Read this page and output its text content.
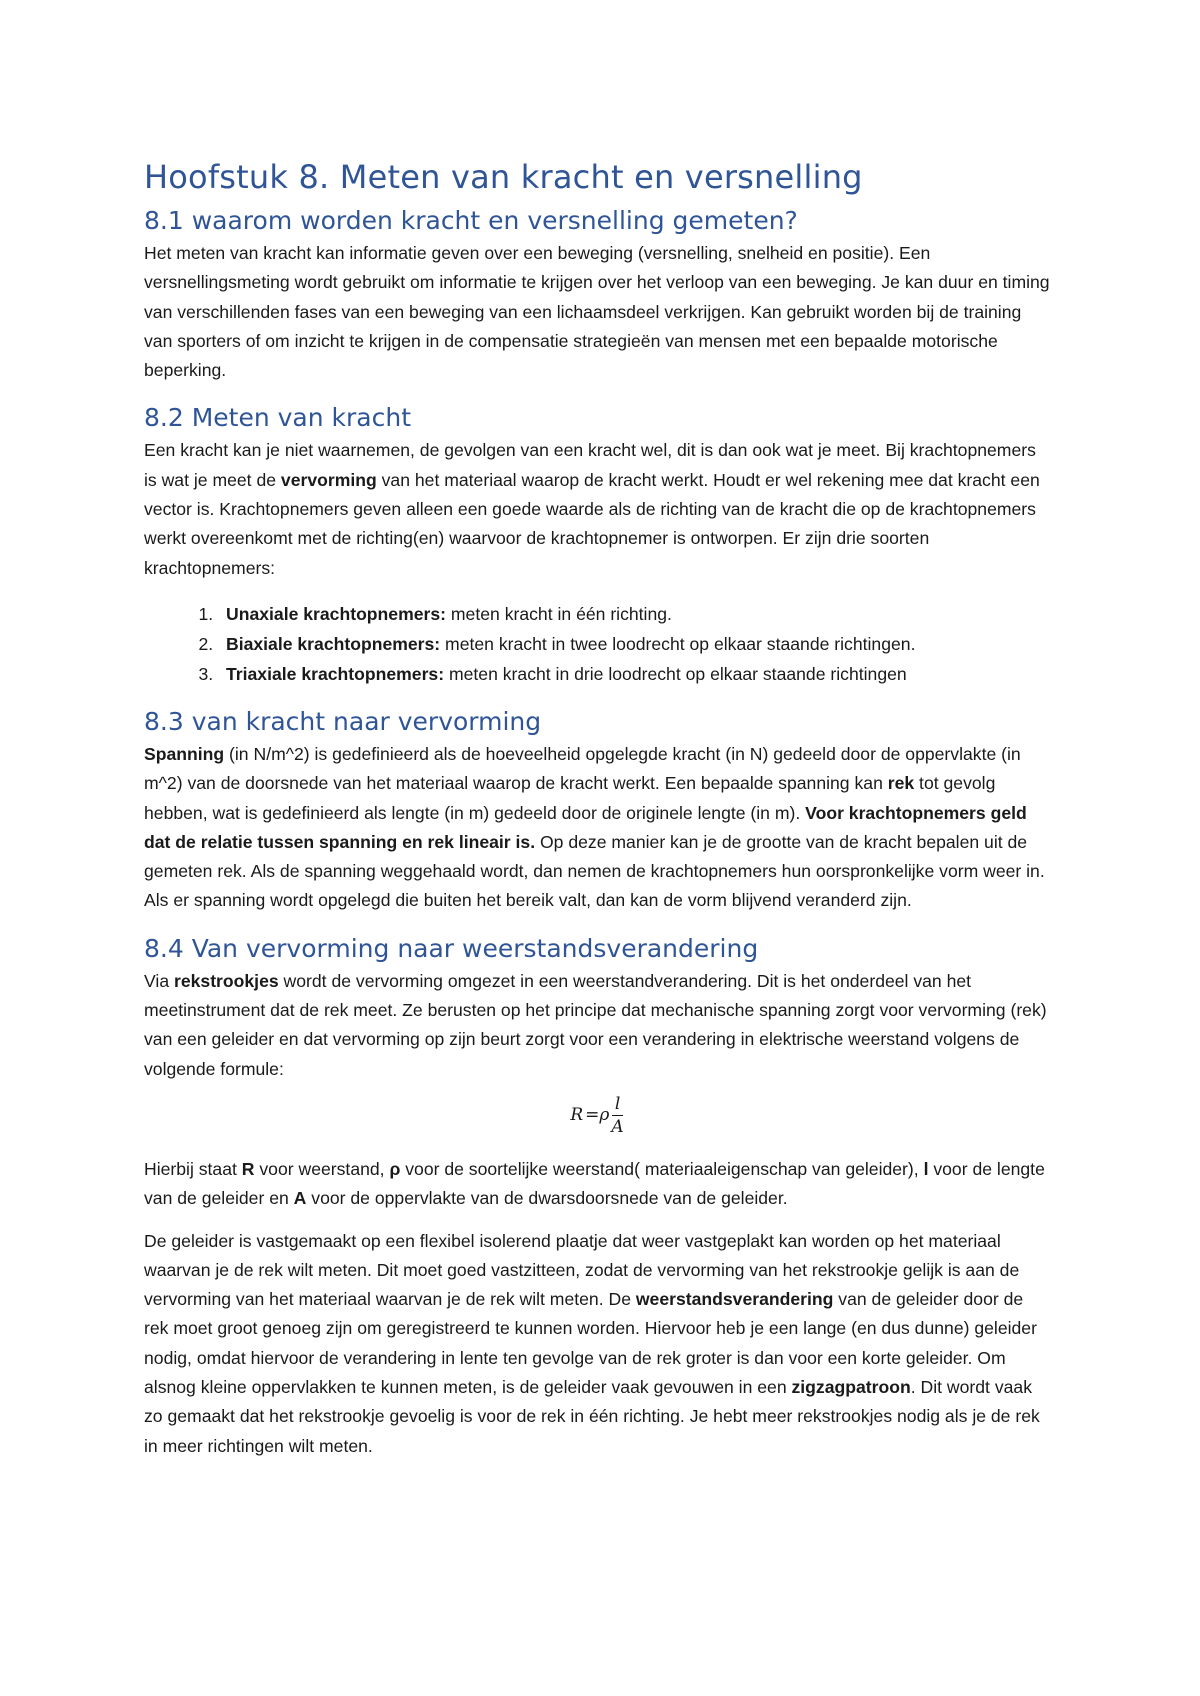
Hoofstuk 8. Meten van kracht en versnelling
8.1 waarom worden kracht en versnelling gemeten?

Het meten van kracht kan informatie geven over een beweging (versnelling, snelheid en positie). Een versnellingsmeting wordt gebruikt om informatie te krijgen over het verloop van een beweging. Je kan duur en timing van verschillenden fases van een beweging van een lichaamsdeel verkrijgen. Kan gebruikt worden bij de training van sporters of om inzicht te krijgen in de compensatie strategieën van mensen met een bepaalde motorische beperking.

8.2 Meten van kracht

Een kracht kan je niet waarnemen, de gevolgen van een kracht wel, dit is dan ook wat je meet. Bij krachtopnemers is wat je meet de vervorming van het materiaal waarop de kracht werkt. Houdt er wel rekening mee dat kracht een vector is. Krachtopnemers geven alleen een goede waarde als de richting van de kracht die op de krachtopnemers werkt overeenkomt met de richting(en) waarvoor de krachtopnemer is ontworpen. Er zijn drie soorten krachtopnemers:

1. Unaxiale krachtopnemers: meten kracht in één richting.
2. Biaxiale krachtopnemers: meten kracht in twee loodrecht op elkaar staande richtingen.
3. Triaxiale krachtopnemers: meten kracht in drie loodrecht op elkaar staande richtingen
8.3 van kracht naar vervorming

Spanning (in N/m^2) is gedefinieerd als de hoeveelheid opgelegde kracht (in N) gedeeld door de oppervlakte (in m^2) van de doorsnede van het materiaal waarop de kracht werkt. Een bepaalde spanning kan rek tot gevolg hebben, wat is gedefinieerd als lengte (in m) gedeeld door de originele lengte (in m). Voor krachtopnemers geld dat de relatie tussen spanning en rek lineair is. Op deze manier kan je de grootte van de kracht bepalen uit de gemeten rek. Als de spanning weggehaald wordt, dan nemen de krachtopnemers hun oorspronkelijke vorm weer in. Als er spanning wordt opgelegd die buiten het bereik valt, dan kan de vorm blijvend veranderd zijn.

8.4 Van vervorming naar weerstandsverandering

Via rekstrookjes wordt de vervorming omgezet in een weerstandverandering. Dit is het onderdeel van het meetinstrument dat de rek meet. Ze berusten op het principe dat mechanische spanning zorgt voor vervorming (rek) van een geleider en dat vervorming op zijn beurt zorgt voor een verandering in elektrische weerstand volgens de volgende formule:

R = ρ $\frac{l}{A}$

Hierbij staat R voor weerstand, ρ voor de soortelijke weerstand( materiaaleigenschap van geleider), l voor de lengte van de geleider en A voor de oppervlakte van de dwarsdoorsnede van de geleider.

De geleider is vastgemaakt op een flexibel isolerend plaatje dat weer vastgeplakt kan worden op het materiaal waarvan je de rek wilt meten. Dit moet goed vastzitteen, zodat de vervorming van het rekstrookje gelijk is aan de vervorming van het materiaal waarvan je de rek wilt meten. De weerstandsverandering van de geleider door de rek moet groot genoeg zijn om geregistreerd te kunnen worden. Hiervoor heb je een lange (en dus dunne) geleider nodig, omdat hiervoor de verandering in lente ten gevolge van de rek groter is dan voor een korte geleider. Om alsnog kleine oppervlakken te kunnen meten, is de geleider vaak gevouwen in een zigzagpatroon. Dit wordt vaak zo gemaakt dat het rekstrookje gevoelig is voor de rek in één richting. Je hebt meer rekstrookjes nodig als je de rek in meer richtingen wilt meten.
